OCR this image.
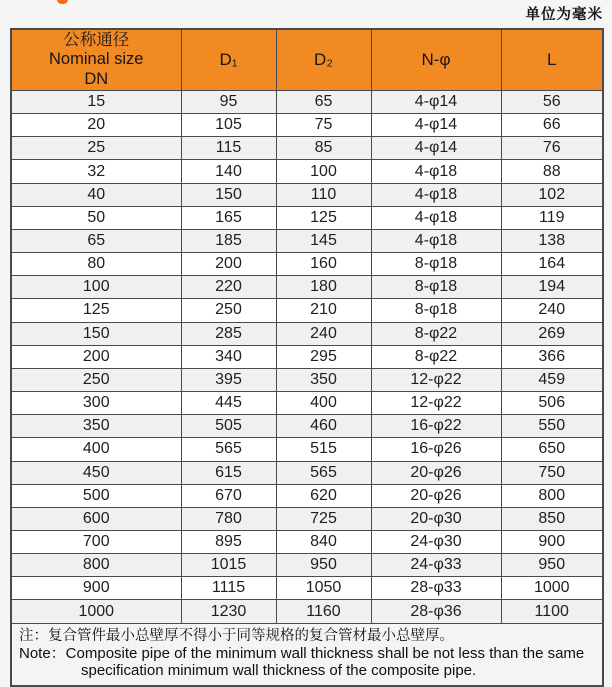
单位为毫米
公称通径
Nominal size
DN	D₁	D₂	N-φ	L
15	95	65	4-φ14	56
20	105	75	4-φ14	66
25	115	85	4-φ14	76
32	140	100	4-φ18	88
40	150	110	4-φ18	102
50	165	125	4-φ18	119
65	185	145	4-φ18	138
80	200	160	8-φ18	164
100	220	180	8-φ18	194
125	250	210	8-φ18	240
150	285	240	8-φ22	269
200	340	295	8-φ22	366
250	395	350	12-φ22	459
300	445	400	12-φ22	506
350	505	460	16-φ22	550
400	565	515	16-φ26	650
450	615	565	20-φ26	750
500	670	620	20-φ26	800
600	780	725	20-φ30	850
700	895	840	24-φ30	900
800	1015	950	24-φ33	950
900	1115	1050	28-φ33	1000
1000	1230	1160	28-φ36	1100

注：复合管件最小总壁厚不得小于同等规格的复合管材最小总壁厚。
Note：Composite pipe of the minimum wall thickness shall be not less than the same
specification minimum wall thickness of the composite pipe.				
